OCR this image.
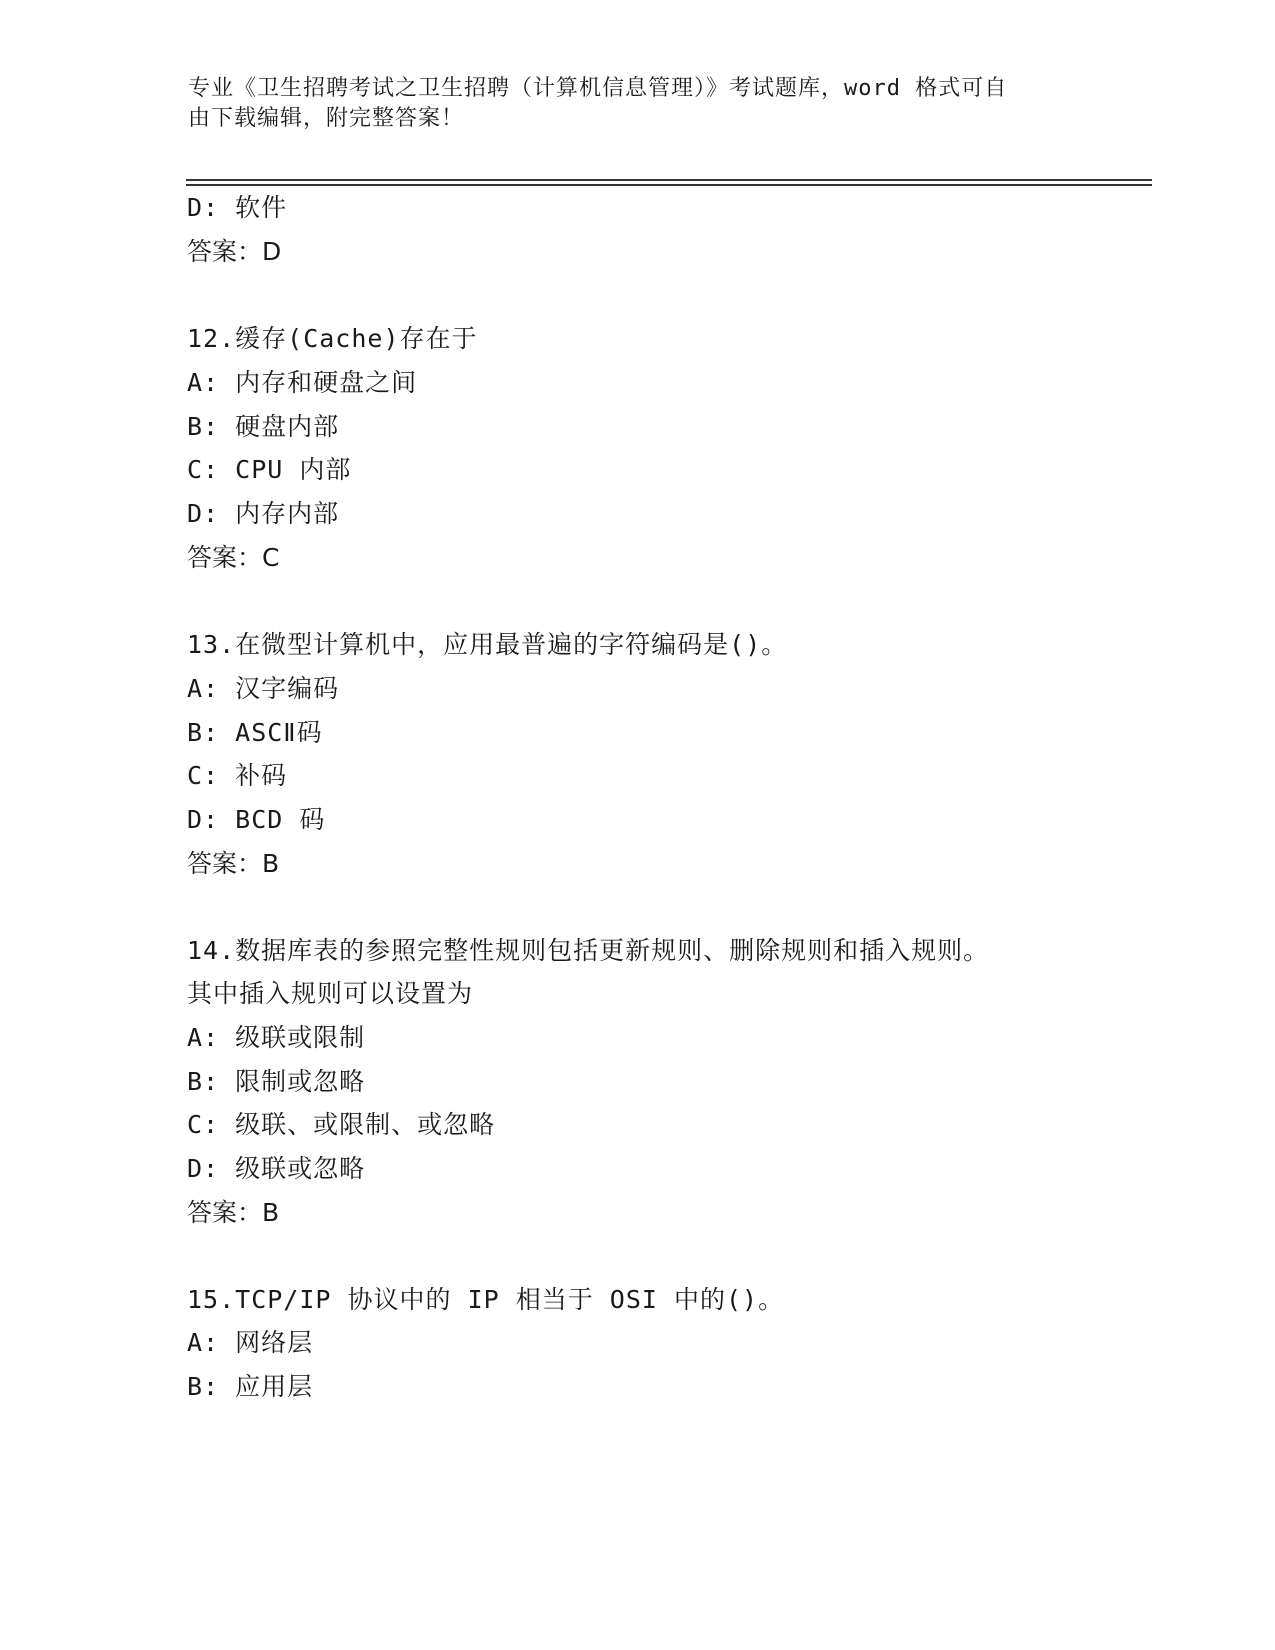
专业《卫生招聘考试之卫生招聘（计算机信息管理）》考试题库，word 格式可自
由下载编辑，附完整答案！
D: 软件
答案：D
12.缓存(Cache)存在于
A: 内存和硬盘之间
B: 硬盘内部
C: CPU 内部
D: 内存内部
答案：C
13.在微型计算机中，应用最普遍的字符编码是()。
A: 汉字编码
B: ASCⅡ码
C: 补码
D: BCD 码
答案：B
14.数据库表的参照完整性规则包括更新规则、删除规则和插入规则。
其中插入规则可以设置为
A: 级联或限制
B: 限制或忽略
C: 级联、或限制、或忽略
D: 级联或忽略
答案：B
15.TCP/IP 协议中的 IP 相当于 OSI 中的()。
A: 网络层
B: 应用层
